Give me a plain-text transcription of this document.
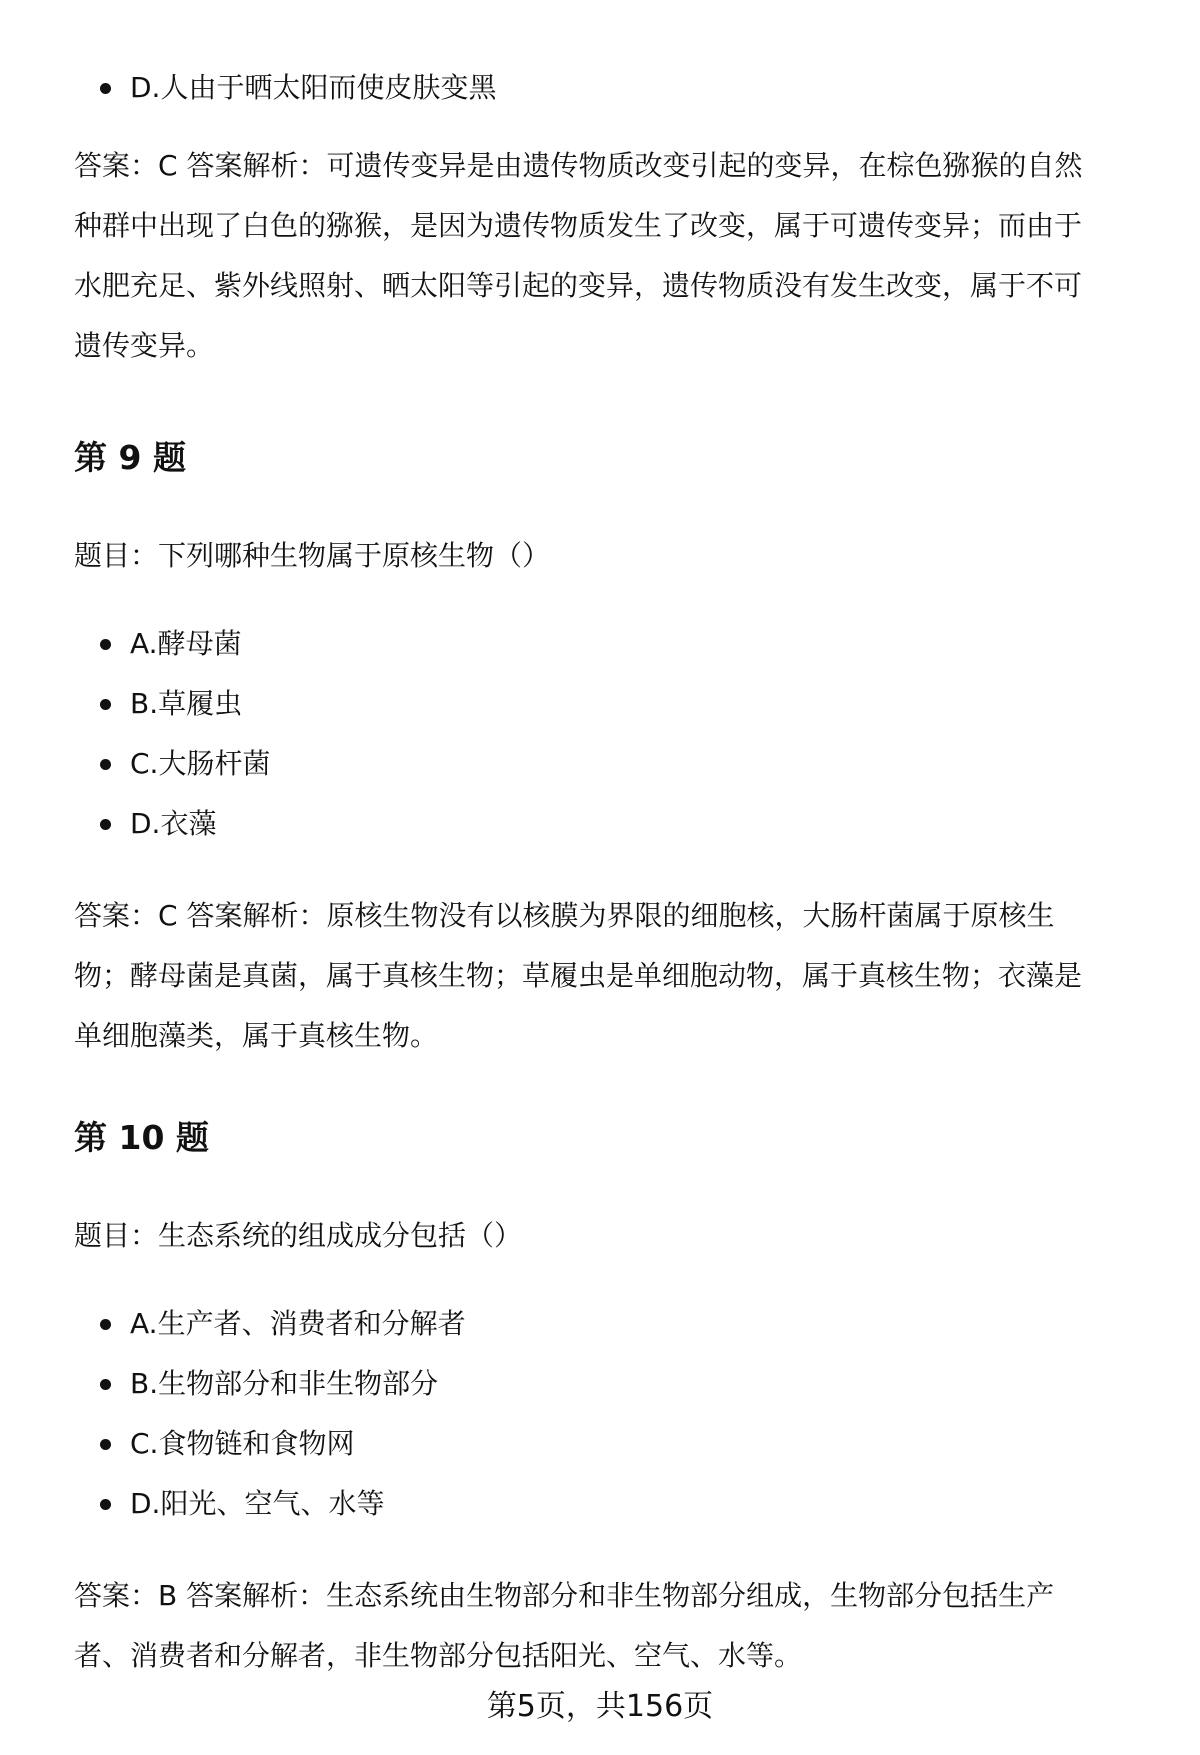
D.人由于晒太阳而使皮肤变黑
答案：C 答案解析：可遗传变异是由遗传物质改变引起的变异，在棕色猕猴的自然
种群中出现了白色的猕猴，是因为遗传物质发生了改变，属于可遗传变异；而由于
水肥充足、紫外线照射、晒太阳等引起的变异，遗传物质没有发生改变，属于不可
遗传变异。
第 9 题

题目：下列哪种生物属于原核生物（）

A.酵母菌
B.草履虫
C.大肠杆菌
D.衣藻
答案：C 答案解析：原核生物没有以核膜为界限的细胞核，大肠杆菌属于原核生
物；酵母菌是真菌，属于真核生物；草履虫是单细胞动物，属于真核生物；衣藻是
单细胞藻类，属于真核生物。
第 10 题

题目：生态系统的组成成分包括（）

A.生产者、消费者和分解者
B.生物部分和非生物部分
C.食物链和食物网
D.阳光、空气、水等
答案：B 答案解析：生态系统由生物部分和非生物部分组成，生物部分包括生产
者、消费者和分解者，非生物部分包括阳光、空气、水等。
第5页，共156页
